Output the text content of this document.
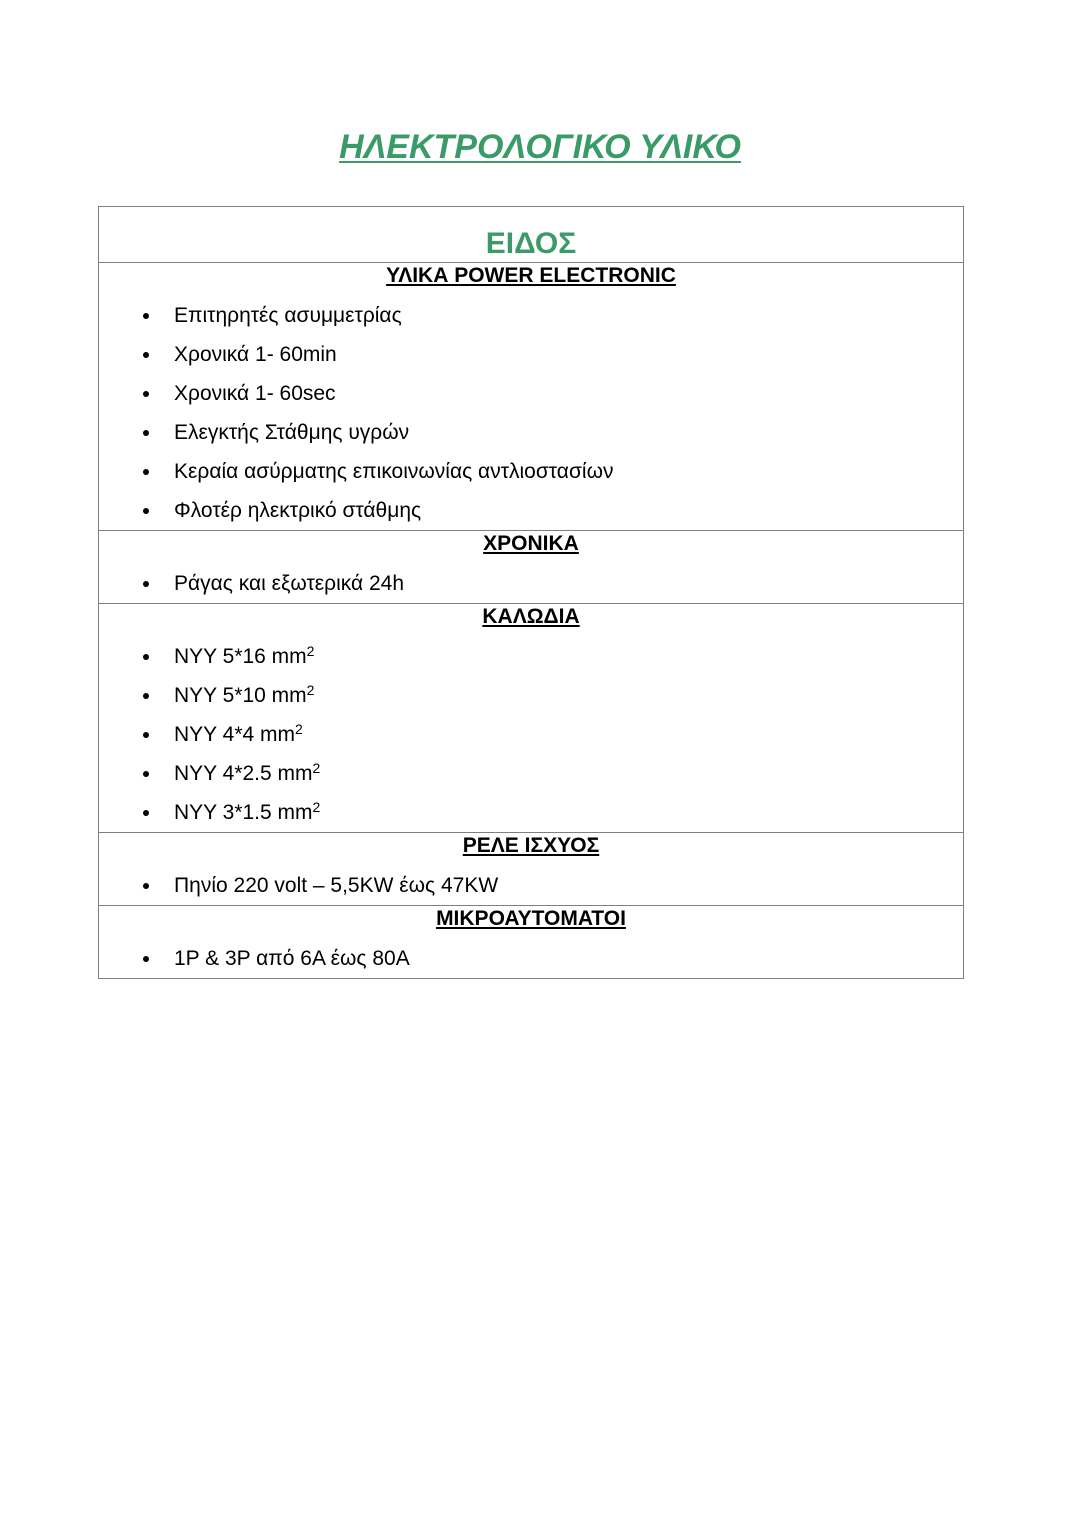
ΗΛΕΚΤΡΟΛΟΓΙΚΟ ΥΛΙΚΟ
ΕΙΔΟΣ

ΥΛΙΚΑ POWER ELECTRONIC

Επιτηρητές ασυμμετρίας
Χρονικά 1- 60min
Χρονικά 1- 60sec
Ελεγκτής Στάθμης υγρών
Κεραία ασύρματης επικοινωνίας αντλιοστασίων
Φλοτέρ ηλεκτρικό στάθμης

ΧΡΟΝΙΚΑ

Ράγας και εξωτερικά 24h

ΚΑΛΩΔΙΑ

NYY 5*16 $mm^2$
NYY 5*10 $mm^2$
NYY 4*4 $mm^2$
NYY 4*2.5 $mm^2$
NYY 3*1.5 $mm^2$

ΡΕΛΕ ΙΣΧΥΟΣ

Πηνίο 220 volt – 5,5KW έως 47KW

ΜΙΚΡΟΑΥΤΟΜΑΤΟΙ

1P & 3P από 6A έως 80A
